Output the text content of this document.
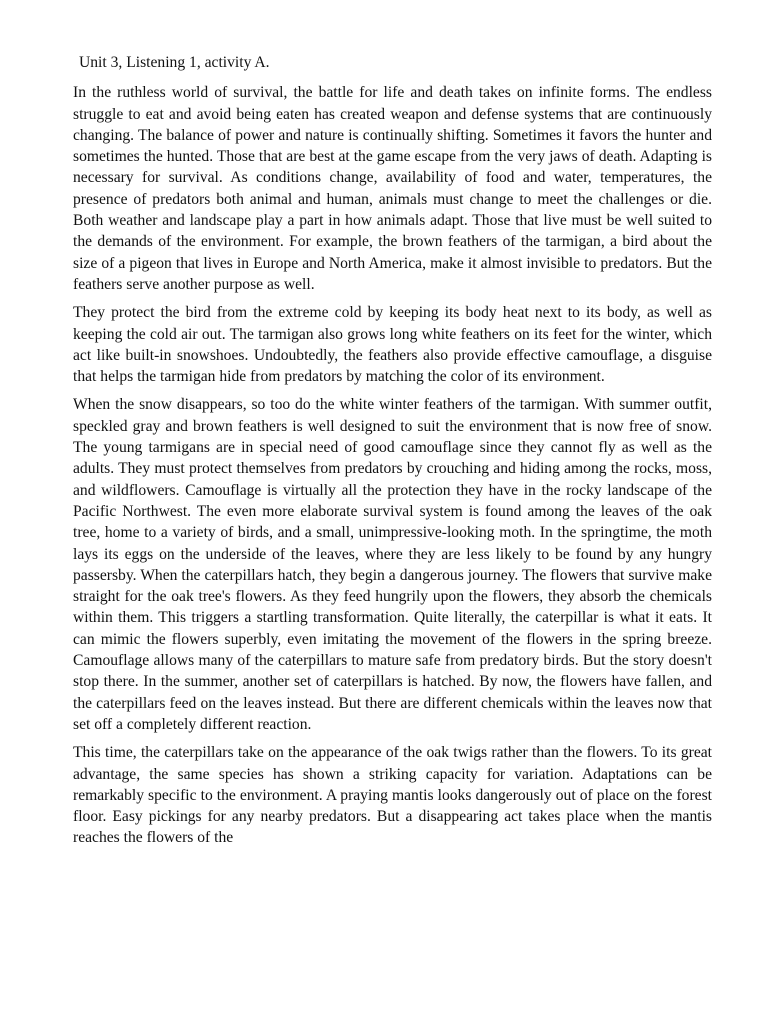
Unit 3, Listening 1, activity A.

In the ruthless world of survival, the battle for life and death takes on infinite forms. The endless struggle to eat and avoid being eaten has created weapon and defense systems that are continuously changing. The balance of power and nature is continually shifting. Sometimes it favors the hunter and sometimes the hunted. Those that are best at the game escape from the very jaws of death. Adapting is necessary for survival. As conditions change, availability of food and water, temperatures, the presence of predators both animal and human, animals must change to meet the challenges or die. Both weather and landscape play a part in how animals adapt. Those that live must be well suited to the demands of the environment. For example, the brown feathers of the tarmigan, a bird about the size of a pigeon that lives in Europe and North America, make it almost invisible to predators. But the feathers serve another purpose as well.

They protect the bird from the extreme cold by keeping its body heat next to its body, as well as keeping the cold air out. The tarmigan also grows long white feathers on its feet for the winter, which act like built-in snowshoes. Undoubtedly, the feathers also provide effective camouflage, a disguise that helps the tarmigan hide from predators by matching the color of its environment.

When the snow disappears, so too do the white winter feathers of the tarmigan. With summer outfit, speckled gray and brown feathers is well designed to suit the environment that is now free of snow. The young tarmigans are in special need of good camouflage since they cannot fly as well as the adults. They must protect themselves from predators by crouching and hiding among the rocks, moss, and wildflowers. Camouflage is virtually all the protection they have in the rocky landscape of the Pacific Northwest. The even more elaborate survival system is found among the leaves of the oak tree, home to a variety of birds, and a small, unimpressive-looking moth. In the springtime, the moth lays its eggs on the underside of the leaves, where they are less likely to be found by any hungry passersby. When the caterpillars hatch, they begin a dangerous journey. The flowers that survive make straight for the oak tree's flowers. As they feed hungrily upon the flowers, they absorb the chemicals within them. This triggers a startling transformation. Quite literally, the caterpillar is what it eats. It can mimic the flowers superbly, even imitating the movement of the flowers in the spring breeze. Camouflage allows many of the caterpillars to mature safe from predatory birds. But the story doesn't stop there. In the summer, another set of caterpillars is hatched. By now, the flowers have fallen, and the caterpillars feed on the leaves instead. But there are different chemicals within the leaves now that set off a completely different reaction.

This time, the caterpillars take on the appearance of the oak twigs rather than the flowers. To its great advantage, the same species has shown a striking capacity for variation. Adaptations can be remarkably specific to the environment. A praying mantis looks dangerously out of place on the forest floor. Easy pickings for any nearby predators. But a disappearing act takes place when the mantis reaches the flowers of the
